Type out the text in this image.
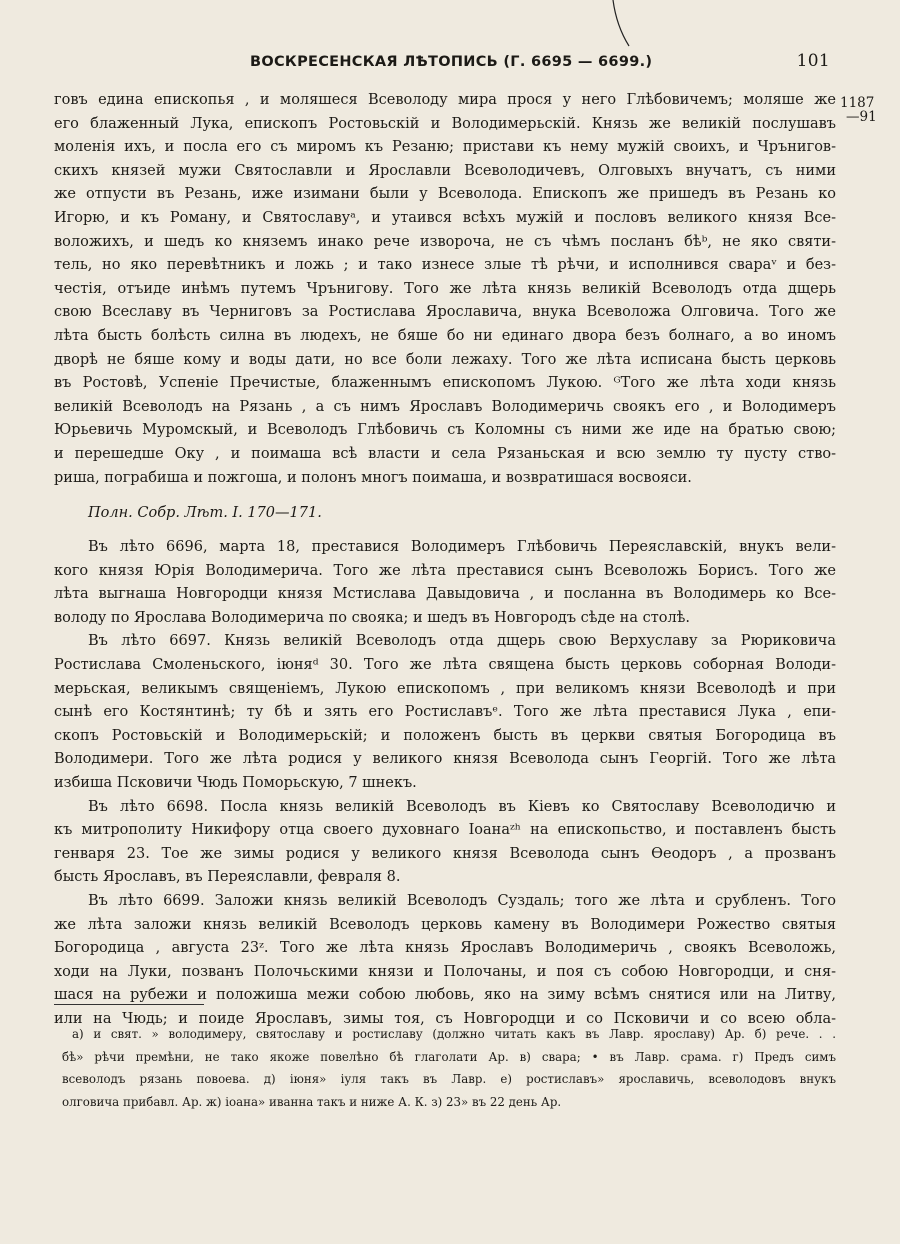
ВОСКРЕСЕНСКАЯ ЛѢТОПИСЬ (Г. 6695 — 6699.)	101
1187
—91
говъ едина епископья , и моляшеся Всеволоду мира прося у него Глѣбовичемъ; моляше же
его блаженный Лука, епископъ Ростовьскій и Володимерьскій. Князь же великій послушавъ
моленія ихъ, и посла его съ миромъ къ Резаню; пристави къ нему мужій своихъ, и Чрънигов-
скихъ князей мужи Святославли и Ярославли Всеволодичевъ, Олговыхъ внучатъ, съ ними
же отпусти въ Резань, иже изимани были у Всеволода. Епископъ же пришедъ въ Резань ко
Игорю, и къ Роману, и Святославуᵃ, и утаився всѣхъ мужій и пословъ великого князя Все-
воложихъ, и шедъ ко княземъ инако рече извороча, не съ чѣмъ посланъ бѣᵇ, не яко святи-
тель, но яко перевѣтникъ и ложь ; и тако изнесе злые тѣ рѣчи, и исполнився свараᵛ и без-
честія, отъиде инѣмъ путемъ Чрънигову. Того же лѣта князь великій Всеволодъ отда дщерь
свою Всеславу въ Черниговъ за Ростислава Ярославича, внука Всеволожа Олговича. Того же
лѣта бысть болѣсть силна въ людехъ, не бяше бо ни единаго двора безъ болнаго, а во иномъ
дворѣ не бяше кому и воды дати, но все боли лежаху. Того же лѣта исписана бысть церковь
въ Ростовѣ, Успеніе Пречистые, блаженнымъ епископомъ Лукою. ᴳТого же лѣта ходи князь
великій Всеволодъ на Рязань , а съ нимъ Ярославъ Володимеричь своякъ его , и Володимеръ
Юрьевичь Муромскый, и Всеволодъ Глѣбовичь съ Коломны съ ними же иде на братью свою;
и перешедше Оку , и поимаша всѣ власти и села Рязаньская и всю землю ту пусту ство-
риша, пограбиша и пожгоша, и полонъ многъ поимаша, и возвратишася восвояси.
Полн. Собр. Лѣт. I. 170—171.
Въ лѣто 6696, марта 18, преставися Володимеръ Глѣбовичь Переяславскій, внукъ вели-
кого князя Юрія Володимерича. Того же лѣта преставися сынъ Всеволожь Борисъ. Того же
лѣта выгнаша Новгородци князя Мстислава Давыдовича , и посланна въ Володимерь ко Все-
володу по Ярослава Володимерича по свояка; и шедъ въ Новгородъ сѣде на столѣ.
Въ лѣто 6697. Князь великій Всеволодъ отда дщерь свою Верхуславу за Рюриковича
Ростислава Смоленьского, іюняᵈ 30. Того же лѣта священа бысть церковь соборная Володи-
мерьская, великымъ священіемъ, Лукою епископомъ , при великомъ князи Всеволодѣ и при
сынѣ его Костянтинѣ; ту бѣ и зять его Ростиславъᵉ. Того же лѣта преставися Лука , епи-
скопъ Ростовьскій и Володимерьскій; и положенъ бысть въ церкви святыя Богородица въ
Володимери. Того же лѣта родися у великого князя Всеволода сынъ Георгій. Того же лѣта
избиша Псковичи Чюдь Поморьскую, 7 шнекъ.
Въ лѣто 6698. Посла князь великій Всеволодъ въ Кіевъ ко Святославу Всеволодичю и
къ митрополиту Никифору отца своего духовнаго Іоанаᶻʰ на епископьство, и поставленъ бысть
генваря 23. Тое же зимы родися у великого князя Всеволода сынъ Ѳеодоръ , а прозванъ
бысть Ярославъ, въ Переяславли, февраля 8.
Въ лѣто 6699. Заложи князь великій Всеволодъ Суздаль; того же лѣта и срубленъ. Того
же лѣта заложи князь великій Всеволодъ церковь камену въ Володимери Рожество святыя
Богородица , августа 23ᶻ. Того же лѣта князь Ярославъ Володимеричь , своякъ Всеволожь,
ходи на Луки, позванъ Полочьскими князи и Полочаны, и поя съ собою Новгородци, и сня-
шася на рубежи и положиша межи собою любовь, яко на зиму всѣмъ снятися или на Литву,
или на Чюдь; и поиде Ярославъ, зимы тоя, съ Новгородци и со Псковичи и со всею обла-
а) и свят. » володимеру, святославу и ростиславу (должно читать какъ въ Лавр. ярославу) Ар. б) рече. . .
бѣ» рѣчи премѣни, не тако якоже повелѣно бѣ глаголати Ар. в) свара; • въ Лавр. срама. г) Предъ симъ
всеволодъ рязань повоева. д) іюня» іуля такъ въ Лавр. е) ростиславъ» ярославичь, всеволодовъ внукъ
олговича прибавл. Ар. ж) іоана» иванна такъ и ниже А. К. з) 23» въ 22 день Ар.
